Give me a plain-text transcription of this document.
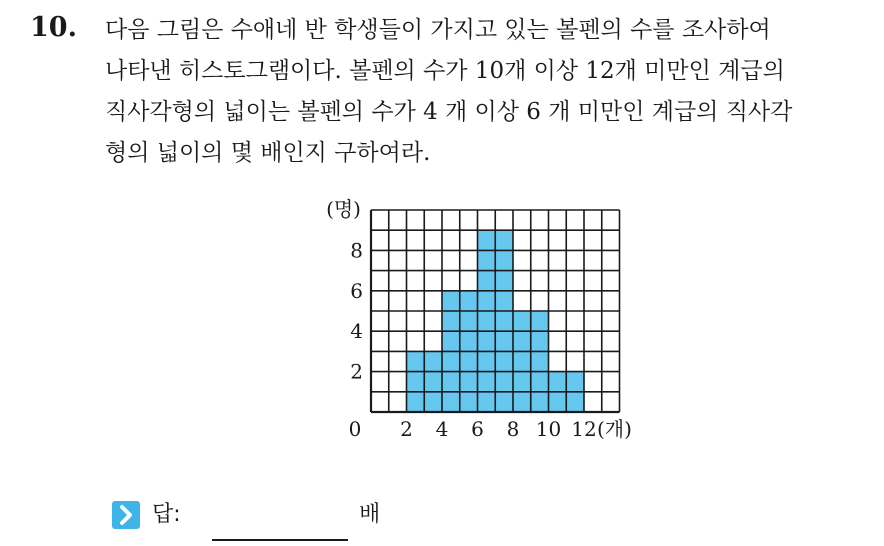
10. 다음 그림은 수애네 반 학생들이 가지고 있는 볼펜의 수를 조사하여
나타낸 히스토그램이다. 볼펜의 수가 10개 이상 12개 미만인 계급의
직사각형의 넓이는 볼펜의 수가 4 개 이상 6 개 미만인 계급의 직사각
형의 넓이의 몇 배인지 구하여라.
0 2 4 6 8 10 12
2
4
6
8
(명)
(개)
답:	배
